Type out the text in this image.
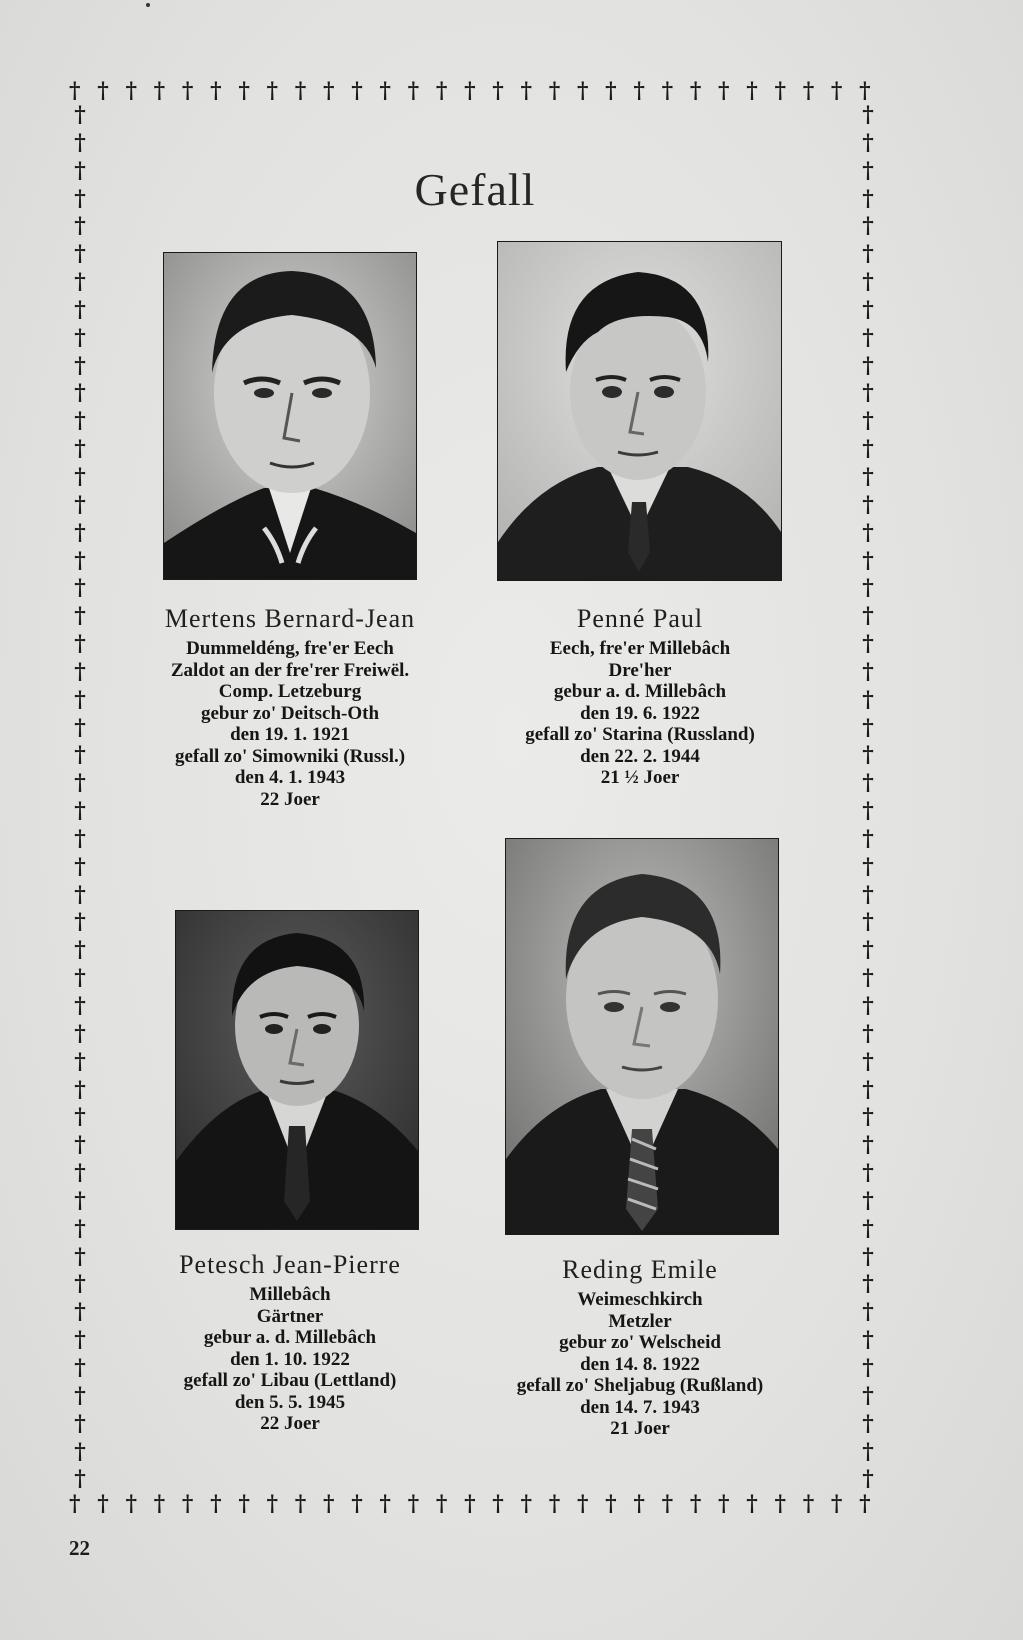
† † † † † † † † † † † † † † † † † † † † † † † † † † † † †
† † † † † † † † † † † † † † † † † † † † † † † † † † † † †
†
†
†
†
†
†
†
†
†
†
†
†
†
†
†
†
†
†
†
†
†
†
†
†
†
†
†
†
†
†
†
†
†
†
†
†
†
†
†
†
†
†
†
†
†
†
†
†
†
†
†
†
†
†
†
†
†
†
†
†
†
†
†
†
†
†
†
†
†
†
†
†
†
†
†
†
†
†
†
†
†
†
†
†
†
†
†
†
†
†
†
†
†
†
†
†
†
†
†
†
Gefall
Mertens Bernard-Jean
Dummeldéng, fre'er Eech
Zaldot an der fre'rer Freiwël.
Comp. Letzeburg
gebur zo' Deitsch-Oth
den 19. 1. 1921
gefall zo' Simowniki (Russl.)
den 4. 1. 1943
22 Joer
Penné Paul
Eech, fre'er Millebâch
Dre'her
gebur a. d. Millebâch
den 19. 6. 1922
gefall zo' Starina (Russland)
den 22. 2. 1944
21 ½ Joer
Petesch Jean-Pierre
Millebâch
Gärtner
gebur a. d. Millebâch
den 1. 10. 1922
gefall zo' Libau (Lettland)
den 5. 5. 1945
22 Joer
Reding Emile
Weimeschkirch
Metzler
gebur zo' Welscheid
den 14. 8. 1922
gefall zo' Sheljabug (Rußland)
den 14. 7. 1943
21 Joer
22
